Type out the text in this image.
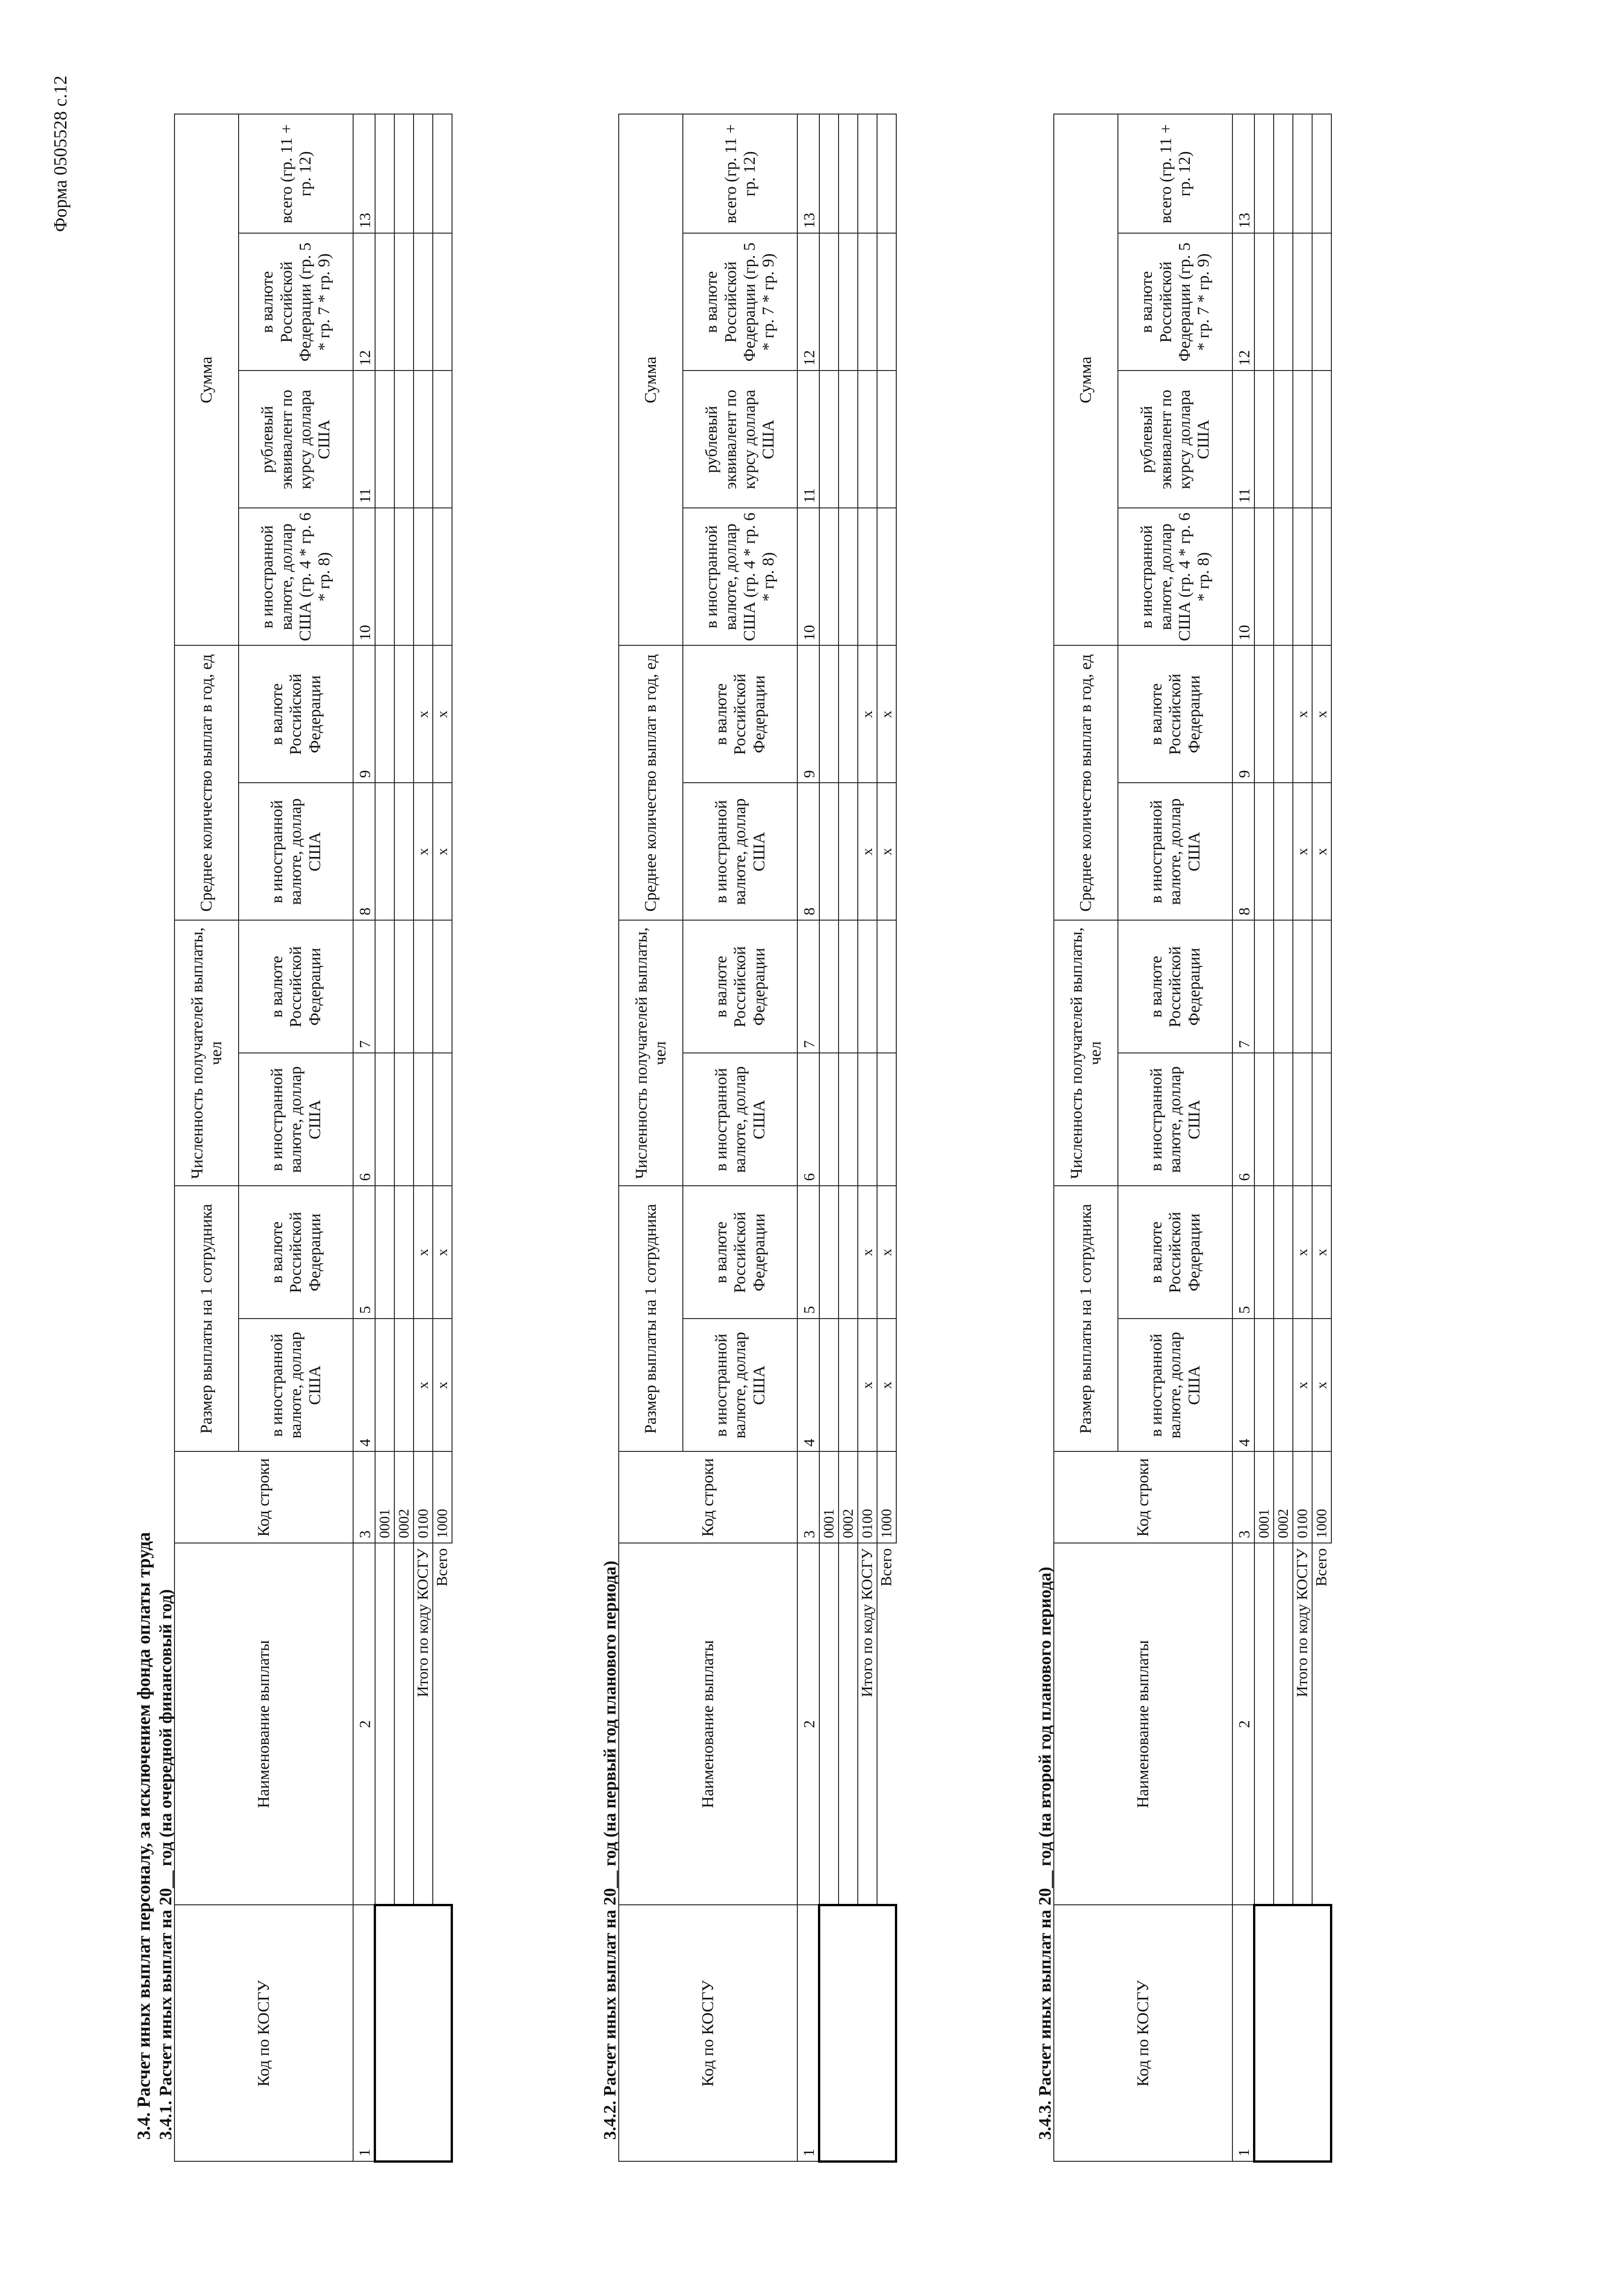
Форма 0505528 с.12
3.4. Расчет иных выплат персоналу, за исключением фонда оплаты труда 3.4.1. Расчет иных выплат на 20__ год (на очередной финансовый год)	Код по КОСГУ	Наименование выплаты	Код строки	Размер выплаты на 1 сотрудника		Численность получателей выплаты, чел		Среднее количество выплат в год, ед		Сумма			
			в иностранной валюте, доллар США	в валюте Российской Федерации	в иностранной валюте, доллар США	в валюте Российской Федерации	в иностранной валюте, доллар США	в валюте Российской Федерации	в иностранной валюте, доллар США (гр. 4 * гр. 6 * гр. 8)	рублевый эквивалент по курсу доллара США	в валюте Российской Федерации (гр. 5 * гр. 7 * гр. 9)	всего (гр. 11 + гр. 12)
1	2	3	4	5	6	7	8	9	10	11	12	13
		0001										
		0002										
	Итого по коду КОСГУ	0100	x	x			x	x				
	Всего	1000	x	x			x	x				
3.4.2. Расчет иных выплат на 20__ год (на первый год планового периода)	Код по КОСГУ	Наименование выплаты	Код строки	Размер выплаты на 1 сотрудника		Численность получателей выплаты, чел		Среднее количество выплат в год, ед		Сумма			
			в иностранной валюте, доллар США	в валюте Российской Федерации	в иностранной валюте, доллар США	в валюте Российской Федерации	в иностранной валюте, доллар США	в валюте Российской Федерации	в иностранной валюте, доллар США (гр. 4 * гр. 6 * гр. 8)	рублевый эквивалент по курсу доллара США	в валюте Российской Федерации (гр. 5 * гр. 7 * гр. 9)	всего (гр. 11 + гр. 12)
1	2	3	4	5	6	7	8	9	10	11	12	13
		0001										
		0002										
	Итого по коду КОСГУ	0100	x	x			x	x				
	Всего	1000	x	x			x	x				
3.4.3. Расчет иных выплат на 20__ год (на второй год планового периода)	Код по КОСГУ	Наименование выплаты	Код строки	Размер выплаты на 1 сотрудника		Численность получателей выплаты, чел		Среднее количество выплат в год, ед		Сумма			
			в иностранной валюте, доллар США	в валюте Российской Федерации	в иностранной валюте, доллар США	в валюте Российской Федерации	в иностранной валюте, доллар США	в валюте Российской Федерации	в иностранной валюте, доллар США (гр. 4 * гр. 6 * гр. 8)	рублевый эквивалент по курсу доллара США	в валюте Российской Федерации (гр. 5 * гр. 7 * гр. 9)	всего (гр. 11 + гр. 12)
1	2	3	4	5	6	7	8	9	10	11	12	13
		0001										
		0002										
	Итого по коду КОСГУ	0100	x	x			x	x				
	Всего	1000	x	x			x	x				
